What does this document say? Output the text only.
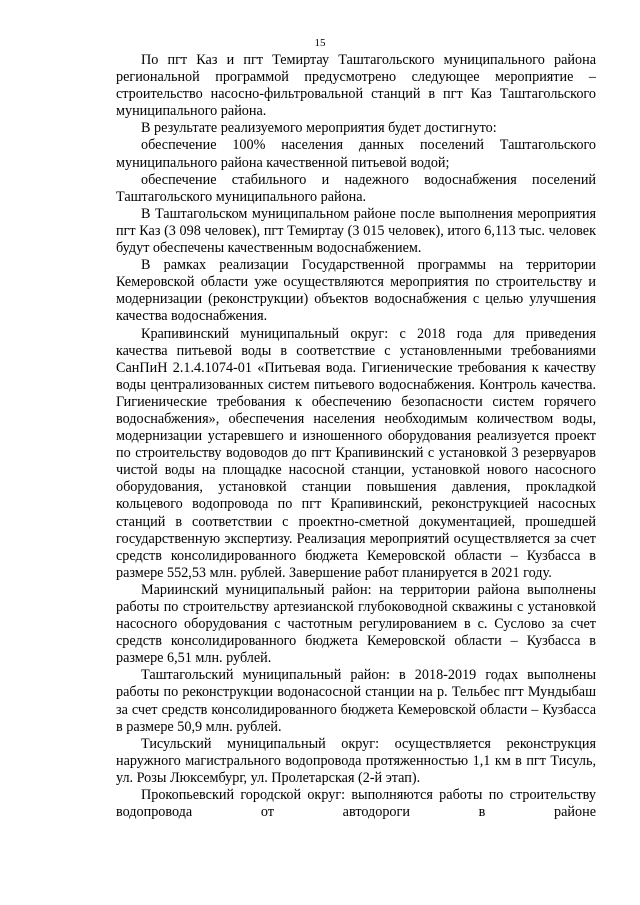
15

По пгт Каз и пгт Темиртау Таштагольского муниципального района региональной программой предусмотрено следующее мероприятие – строительство насосно-фильтровальной станций в пгт Каз Таштагольского муниципального района.

В результате реализуемого мероприятия будет достигнуто:

обеспечение 100% населения данных поселений Таштагольского муниципального района качественной питьевой водой;

обеспечение стабильного и надежного водоснабжения поселений Таштагольского муниципального района.

В Таштагольском муниципальном районе после выполнения мероприятия пгт Каз (3 098 человек), пгт Темиртау (3 015 человек), итого 6,113 тыс. человек будут обеспечены качественным водоснабжением.

В рамках реализации Государственной программы на территории Кемеровской области уже осуществляются мероприятия по строительству и модернизации (реконструкции) объектов водоснабжения с целью улучшения качества водоснабжения.

Крапивинский муниципальный округ: с 2018 года для приведения качества питьевой воды в соответствие с установленными требованиями СанПиН 2.1.4.1074-01 «Питьевая вода. Гигиенические требования к качеству воды централизованных систем питьевого водоснабжения. Контроль качества. Гигиенические требования к обеспечению безопасности систем горячего водоснабжения», обеспечения населения необходимым количеством воды, модернизации устаревшего и изношенного оборудования реализуется проект по строительству водоводов до пгт Крапивинский с установкой 3 резервуаров чистой воды на площадке насосной станции, установкой нового насосного оборудования, установкой станции повышения давления, прокладкой кольцевого водопровода по пгт Крапивинский, реконструкцией насосных станций в соответствии с проектно-сметной документацией, прошедшей государственную экспертизу. Реализация мероприятий осуществляется за счет средств консолидированного бюджета Кемеровской области – Кузбасса в размере 552,53 млн. рублей. Завершение работ планируется в 2021 году.

Мариинский муниципальный район: на территории района выполнены работы по строительству артезианской глубоководной скважины с установкой насосного оборудования с частотным регулированием в с. Суслово за счет средств консолидированного бюджета Кемеровской области – Кузбасса в размере 6,51 млн. рублей.

Таштагольский муниципальный район: в 2018-2019 годах выполнены работы по реконструкции водонасосной станции на р. Тельбес пгт Мундыбаш за счет средств консолидированного бюджета Кемеровской области – Кузбасса в размере 50,9 млн. рублей.

Тисульский муниципальный округ: осуществляется реконструкция наружного магистрального водопровода протяженностью 1,1 км в пгт Тисуль, ул. Розы Люксембург, ул. Пролетарская (2-й этап).

Прокопьевский городской округ: выполняются работы по строительству водопровода от автодороги в районе
